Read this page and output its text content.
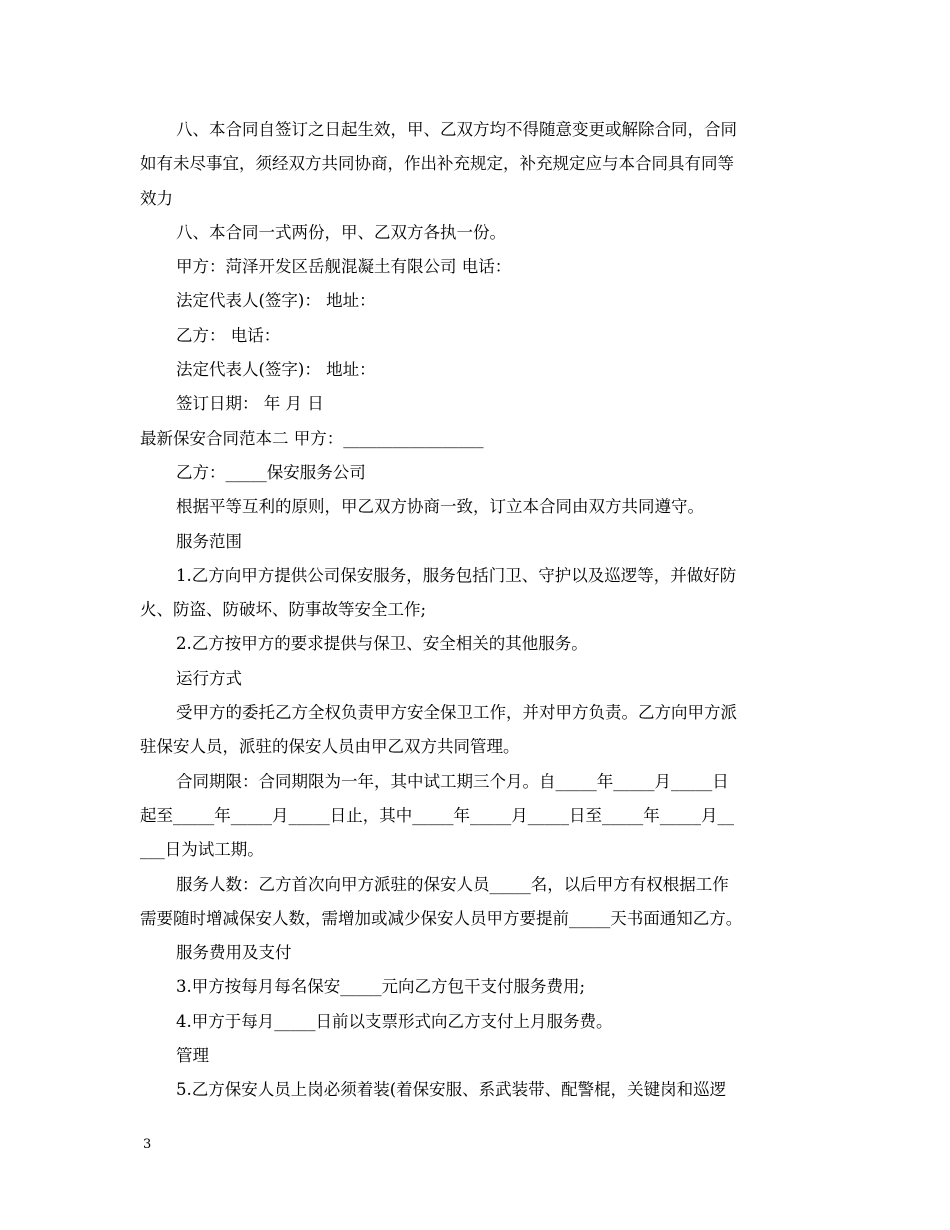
八、本合同自签订之日起生效，甲、乙双方均不得随意变更或解除合同，合同
如有未尽事宜，须经双方共同协商，作出补充规定，补充规定应与本合同具有同等
效力
八、本合同一式两份，甲、乙双方各执一份。
甲方：菏泽开发区岳舰混凝土有限公司 电话：
法定代表人(签字)： 地址：
乙方： 电话：
法定代表人(签字)： 地址：
签订日期： 年 月 日
最新保安合同范本二 甲方：_________________
乙方：_____保安服务公司
根据平等互利的原则，甲乙双方协商一致，订立本合同由双方共同遵守。
服务范围
1.乙方向甲方提供公司保安服务，服务包括门卫、守护以及巡逻等，并做好防
火、防盗、防破坏、防事故等安全工作;
2.乙方按甲方的要求提供与保卫、安全相关的其他服务。
运行方式
受甲方的委托乙方全权负责甲方安全保卫工作，并对甲方负责。乙方向甲方派
驻保安人员，派驻的保安人员由甲乙双方共同管理。
合同期限：合同期限为一年，其中试工期三个月。自_____年_____月_____日
起至_____年_____月_____日止，其中_____年_____月_____日至_____年_____月__
___日为试工期。
服务人数：乙方首次向甲方派驻的保安人员_____名，以后甲方有权根据工作
需要随时增减保安人数，需增加或减少保安人员甲方要提前_____天书面通知乙方。
服务费用及支付
3.甲方按每月每名保安_____元向乙方包干支付服务费用;
4.甲方于每月_____日前以支票形式向乙方支付上月服务费。
管理
5.乙方保安人员上岗必须着装(着保安服、系武装带、配警棍，关键岗和巡逻
3
